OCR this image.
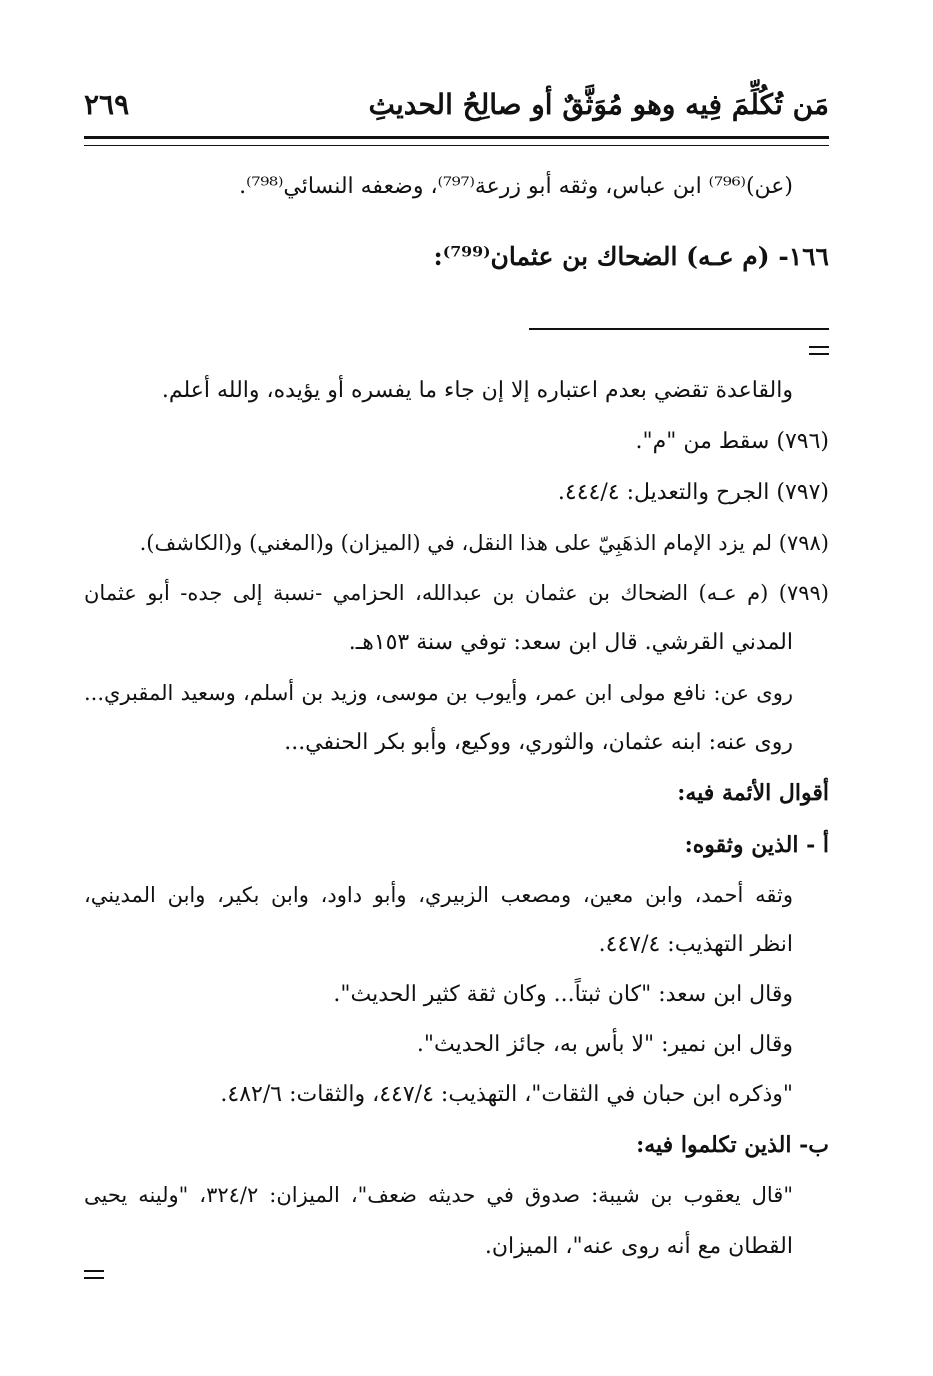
مَن تُكُلِّمَ فِيه وهو مُوَثَّقٌ أو صالِحُ الحديثِ
٢٦٩
(عن)⁽⁷⁹⁶⁾ ابن عباس، وثقه أبو زرعة⁽⁷⁹⁷⁾، وضعفه النسائي⁽⁷⁹⁸⁾.
١٦٦- (م عـه) الضحاك بن عثمان⁽⁷⁹⁹⁾:
والقاعدة تقضي بعدم اعتباره إلا إن جاء ما يفسره أو يؤيده، والله أعلم.
(٧٩٦) سقط من "م".
(٧٩٧) الجرح والتعديل: ٤٤٤/٤.
(٧٩٨) لم يزد الإمام الذهَبِيّ على هذا النقل، في (الميزان) و(المغني) و(الكاشف).
(٧٩٩) (م عـه) الضحاك بن عثمان بن عبدالله، الحزامي -نسبة إلى جده- أبو عثمان
المدني القرشي. قال ابن سعد: توفي سنة ١٥٣هـ.
روى عن: نافع مولى ابن عمر، وأيوب بن موسى، وزيد بن أسلم، وسعيد المقبري...
روى عنه: ابنه عثمان، والثوري، ووكيع، وأبو بكر الحنفي...
أقوال الأئمة فيه:
أ - الذين وثقوه:
وثقه أحمد، وابن معين، ومصعب الزبيري، وأبو داود، وابن بكير، وابن المديني،
انظر التهذيب: ٤٤٧/٤.
وقال ابن سعد: "كان ثبتاً... وكان ثقة كثير الحديث".
وقال ابن نمير: "لا بأس به، جائز الحديث".
"وذكره ابن حبان في الثقات"، التهذيب: ٤٤٧/٤، والثقات: ٤٨٢/٦.
ب- الذين تكلموا فيه:
"قال يعقوب بن شيبة: صدوق في حديثه ضعف"، الميزان: ٣٢٤/٢، "ولينه يحيى
القطان مع أنه روى عنه"، الميزان.
